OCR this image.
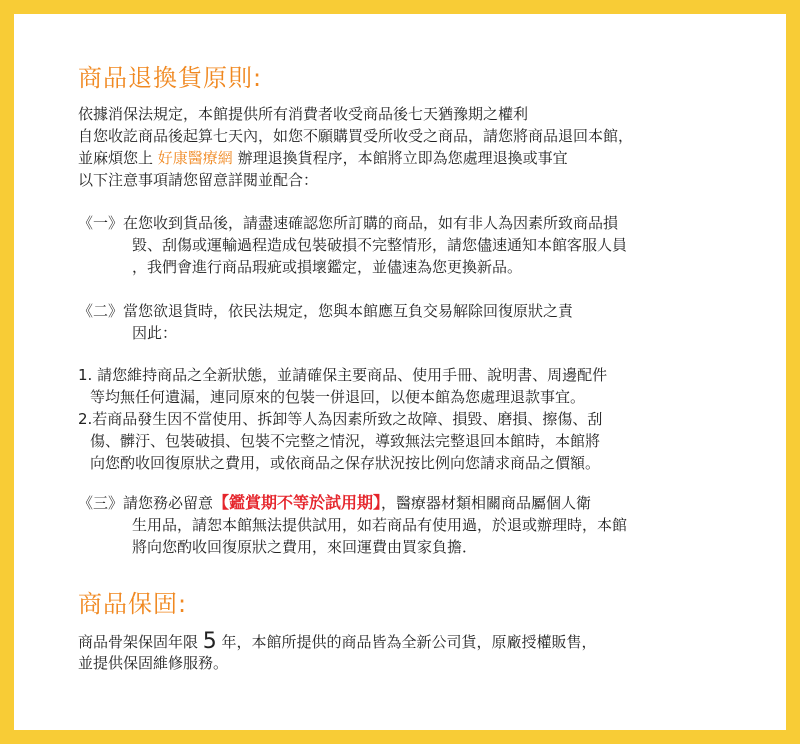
商品退換貨原則:
依據消保法規定，本館提供所有消費者收受商品後七天猶豫期之權利
自您收訖商品後起算七天內，如您不願購買受所收受之商品，請您將商品退回本館，
並麻煩您上 好康醫療網 辦理退換貨程序，本館將立即為您處理退換或事宜
以下注意事項請您留意詳閱並配合：
《一》在您收到貨品後，請盡速確認您所訂購的商品，如有非人為因素所致商品損
毀、刮傷或運輸過程造成包裝破損不完整情形，請您儘速通知本館客服人員
，我們會進行商品瑕疵或損壞鑑定，並儘速為您更換新品。
《二》當您欲退貨時，依民法規定，您與本館應互負交易解除回復原狀之責
因此：
1. 請您維持商品之全新狀態，並請確保主要商品、使用手冊、說明書、周邊配件
等均無任何遺漏，連同原來的包裝一併退回，以便本館為您處理退款事宜。
2.若商品發生因不當使用、拆卸等人為因素所致之故障、損毀、磨損、擦傷、刮
傷、髒汙、包裝破損、包裝不完整之情況，導致無法完整退回本館時，本館將
向您酌收回復原狀之費用，或依商品之保存狀況按比例向您請求商品之價額。
《三》請您務必留意【鑑賞期不等於試用期】，醫療器材類相關商品屬個人衛
生用品，請恕本館無法提供試用，如若商品有使用過，於退或辦理時，本館
將向您酌收回復原狀之費用，來回運費由買家負擔．
商品保固:
商品骨架保固年限 5 年，本館所提供的商品皆為全新公司貨，原廠授權販售，
並提供保固維修服務。
